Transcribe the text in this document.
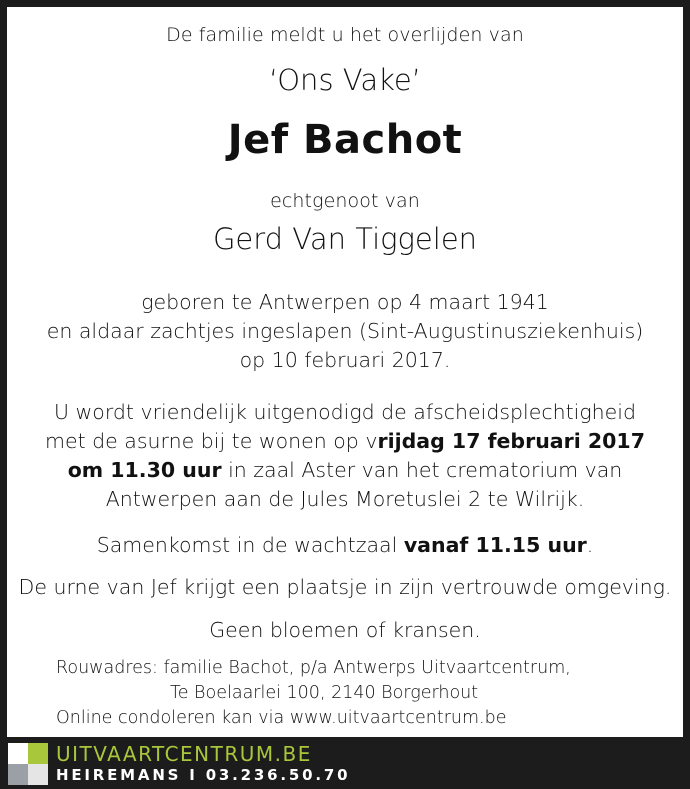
De familie meldt u het overlijden van
‘Ons Vake’
Jef Bachot
echtgenoot van
Gerd Van Tiggelen
geboren te Antwerpen op 4 maart 1941
en aldaar zachtjes ingeslapen (Sint-Augustinusziekenhuis)
op 10 februari 2017.
U wordt vriendelijk uitgenodigd de afscheidsplechtigheid
met de asurne bij te wonen op vrijdag 17 februari 2017
om 11.30 uur in zaal Aster van het crematorium van
Antwerpen aan de Jules Moretuslei 2 te Wilrijk.
Samenkomst in de wachtzaal vanaf 11.15 uur.
De urne van Jef krijgt een plaatsje in zijn vertrouwde omgeving.
Geen bloemen of kransen.
Rouwadres: familie Bachot, p/a Antwerps Uitvaartcentrum,
Te Boelaarlei 100, 2140 Borgerhout
Online condoleren kan via www.uitvaartcentrum.be
UITVAARTCENTRUM.BE
HEIREMANS I 03.236.50.70
